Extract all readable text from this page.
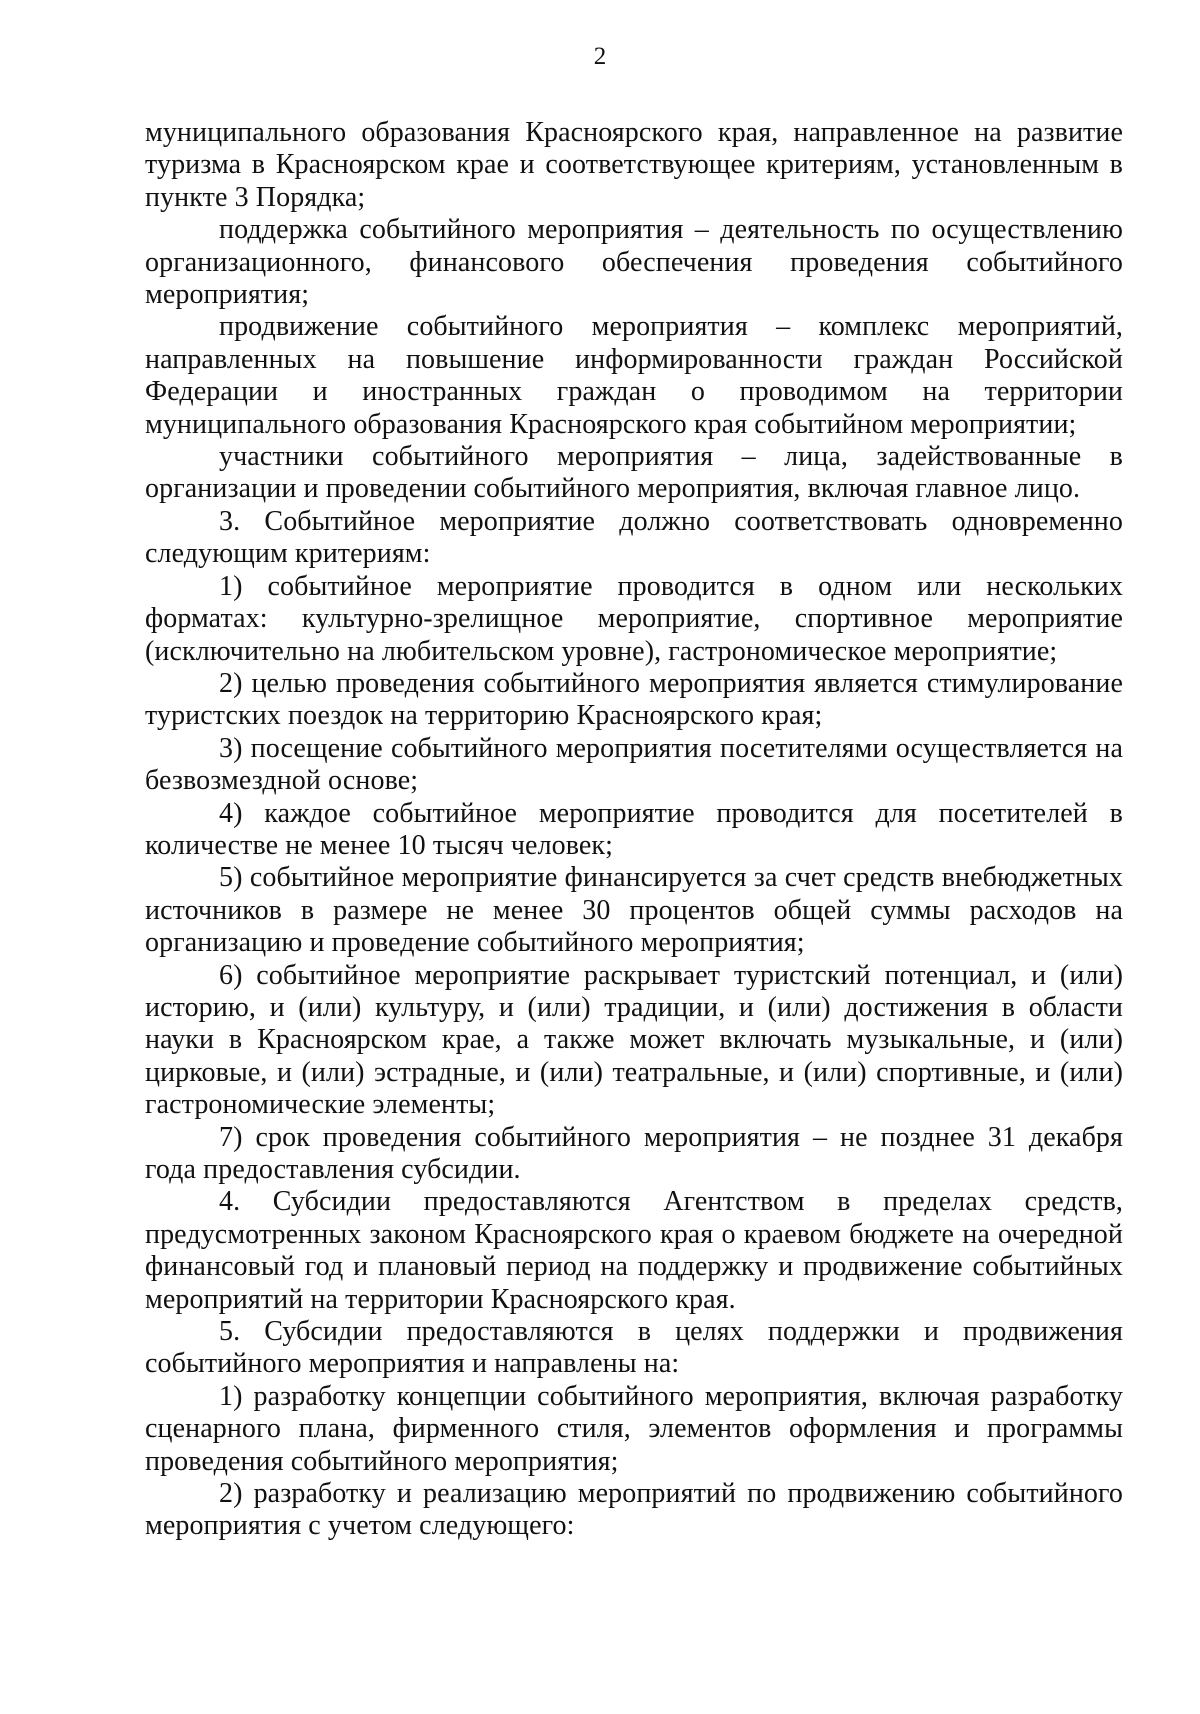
2

муниципального образования Красноярского края, направленное на развитие туризма в Красноярском крае и соответствующее критериям, установленным в пункте 3 Порядка;

поддержка событийного мероприятия – деятельность по осуществлению организационного, финансового обеспечения проведения событийного мероприятия;

продвижение событийного мероприятия – комплекс мероприятий, направленных на повышение информированности граждан Российской Федерации и иностранных граждан о проводимом на территории муниципального образования Красноярского края событийном мероприятии;

участники событийного мероприятия – лица, задействованные в организации и проведении событийного мероприятия, включая главное лицо.

3. Событийное мероприятие должно соответствовать одновременно следующим критериям:

1) событийное мероприятие проводится в одном или нескольких форматах: культурно-зрелищное мероприятие, спортивное мероприятие (исключительно на любительском уровне), гастрономическое мероприятие;

2) целью проведения событийного мероприятия является стимулирование туристских поездок на территорию Красноярского края;

3) посещение событийного мероприятия посетителями осуществляется на безвозмездной основе;

4) каждое событийное мероприятие проводится для посетителей в количестве не менее 10 тысяч человек;

5) событийное мероприятие финансируется за счет средств внебюджетных источников в размере не менее 30 процентов общей суммы расходов на организацию и проведение событийного мероприятия;

6) событийное мероприятие раскрывает туристский потенциал, и (или) историю, и (или) культуру, и (или) традиции, и (или) достижения в области науки в Красноярском крае, а также может включать музыкальные, и (или) цирковые, и (или) эстрадные, и (или) театральные, и (или) спортивные, и (или) гастрономические элементы;

7) срок проведения событийного мероприятия – не позднее 31 декабря года предоставления субсидии.

4. Субсидии предоставляются Агентством в пределах средств, предусмотренных законом Красноярского края о краевом бюджете на очередной финансовый год и плановый период на поддержку и продвижение событийных мероприятий на территории Красноярского края.

5. Субсидии предоставляются в целях поддержки и продвижения событийного мероприятия и направлены на:

1) разработку концепции событийного мероприятия, включая разработку сценарного плана, фирменного стиля, элементов оформления и программы проведения событийного мероприятия;

2) разработку и реализацию мероприятий по продвижению событийного мероприятия с учетом следующего:
